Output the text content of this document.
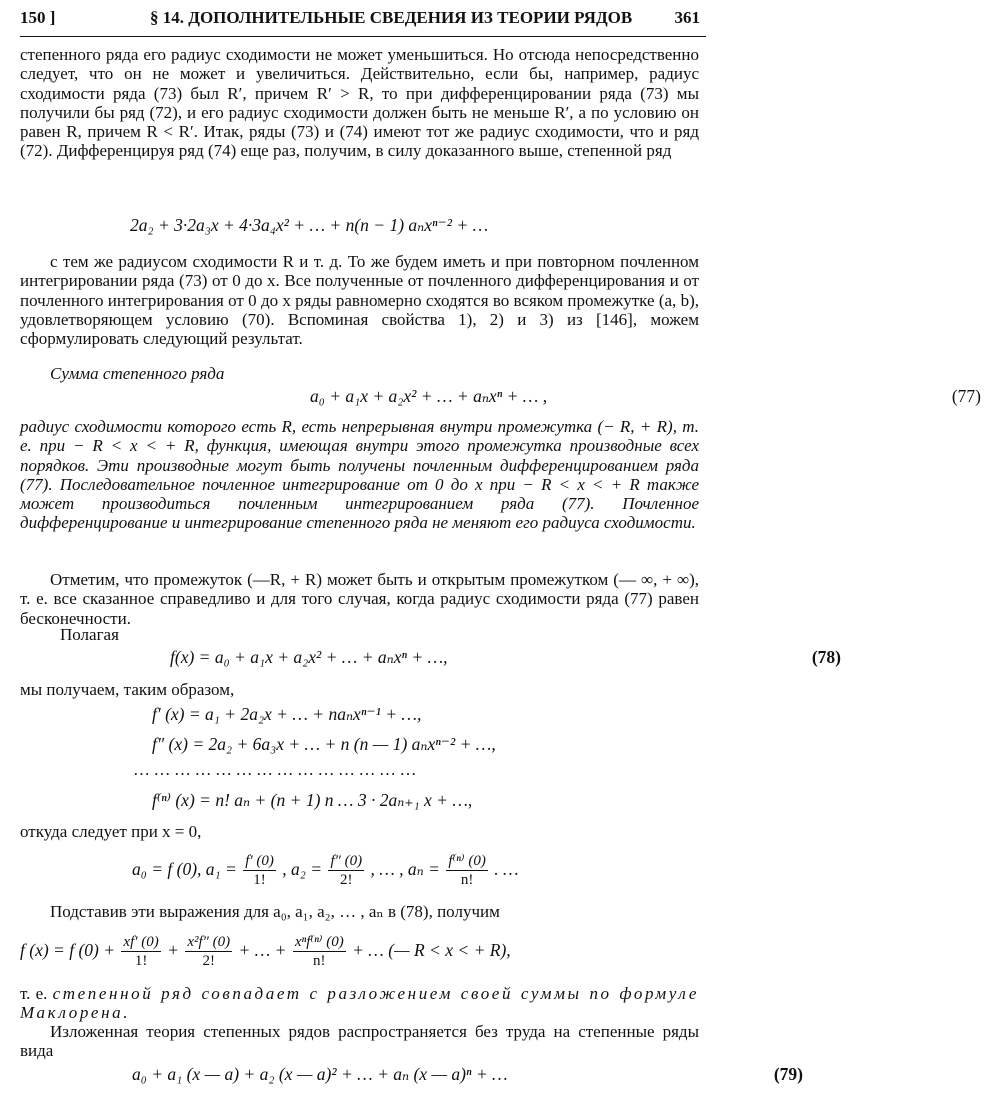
150 ]	§ 14. ДОПОЛНИТЕЛЬНЫЕ СВЕДЕНИЯ ИЗ ТЕОРИИ РЯДОВ 361
степенного ряда его радиус сходимости не может уменьшиться. Но отсюда непосредственно следует, что он не может и увеличиться. Действительно, если бы, например, радиус сходимости ряда (73) был R′, причем R′ > R, то при дифференцировании ряда (73) мы получили бы ряд (72), и его радиус сходимости должен быть не меньше R′, а по условию он равен R, причем R < R′. Итак, ряды (73) и (74) имеют тот же радиус сходимости, что и ряд (72). Дифференцируя ряд (74) еще раз, получим, в силу доказанного выше, степенной ряд
2a₂ + 3·2a₃x + 4·3a₄x² + … + n(n − 1) aₙxⁿ⁻² + …
с тем же радиусом сходимости R и т. д. То же будем иметь и при повторном почленном интегрировании ряда (73) от 0 до x. Все полученные от почленного дифференцирования и от почленного интегрирования от 0 до x ряды равномерно сходятся во всяком промежутке (a, b), удовлетворяющем условию (70). Вспоминая свойства 1), 2) и 3) из [146], можем сформулировать следующий результат.
Сумма степенного ряда
a₀ + a₁x + a₂x² + … + aₙxⁿ + … ,	(77)
радиус сходимости которого есть R, есть непрерывная внутри промежутка (− R, + R), т. е. при − R < x < + R, функция, имеющая внутри этого промежутка производные всех порядков. Эти производные могут быть получены почленным дифференцированием ряда (77). Последовательное почленное интегрирование от 0 до x при − R < x < + R также может производиться почленным интегрированием ряда (77). Почленное дифференцирование и интегрирование степенного ряда не меняют его радиуса сходимости.
Отметим, что промежуток (—R, + R) может быть и открытым промежутком (— ∞, + ∞), т. е. все сказанное справедливо и для того случая, когда радиус сходимости ряда (77) равен бесконечности.
Полагая
f(x) = a₀ + a₁x + a₂x² + … + aₙxⁿ + …,	(78)
мы получаем, таким образом,
f′ (x) = a₁ + 2a₂x + … + naₙxⁿ⁻¹ + …,
f″ (x) = 2a₂ + 6a₃x + … + n (n — 1) aₙxⁿ⁻² + …,
……………………………………
f⁽ⁿ⁾ (x) = n! aₙ + (n + 1) n … 3 · 2aₙ₊₁ x + …,
откуда следует при x = 0,
a₀ = f (0), $a_1 = \frac{f' (0)}{1!}$ , $a_2 = \frac{f'' (0)}{2!}$ , … , $a_n = \frac{\text{f⁽ⁿ⁾ (0)}}{n!}$ . …
Подставив эти выражения для a₀, a₁, a₂, … , aₙ в (78), получим
f (x) = f $(0) + \frac{xf' (0)}{1!} + \frac{\text{x²f″ (0)}}{2!}$ + … + xⁿf⁽ⁿ⁾ (0)
n!
+ … (— R < x < + R),
т. е. степенной ряд совпадает с разложением своей суммы по формуле Маклорена.
Изложенная теория степенных рядов распространяется без труда на степенные ряды вида
a₀ + a₁ (x — a) + a₂ (x — a)² + … + aₙ (x — a)ⁿ + …	(79)
